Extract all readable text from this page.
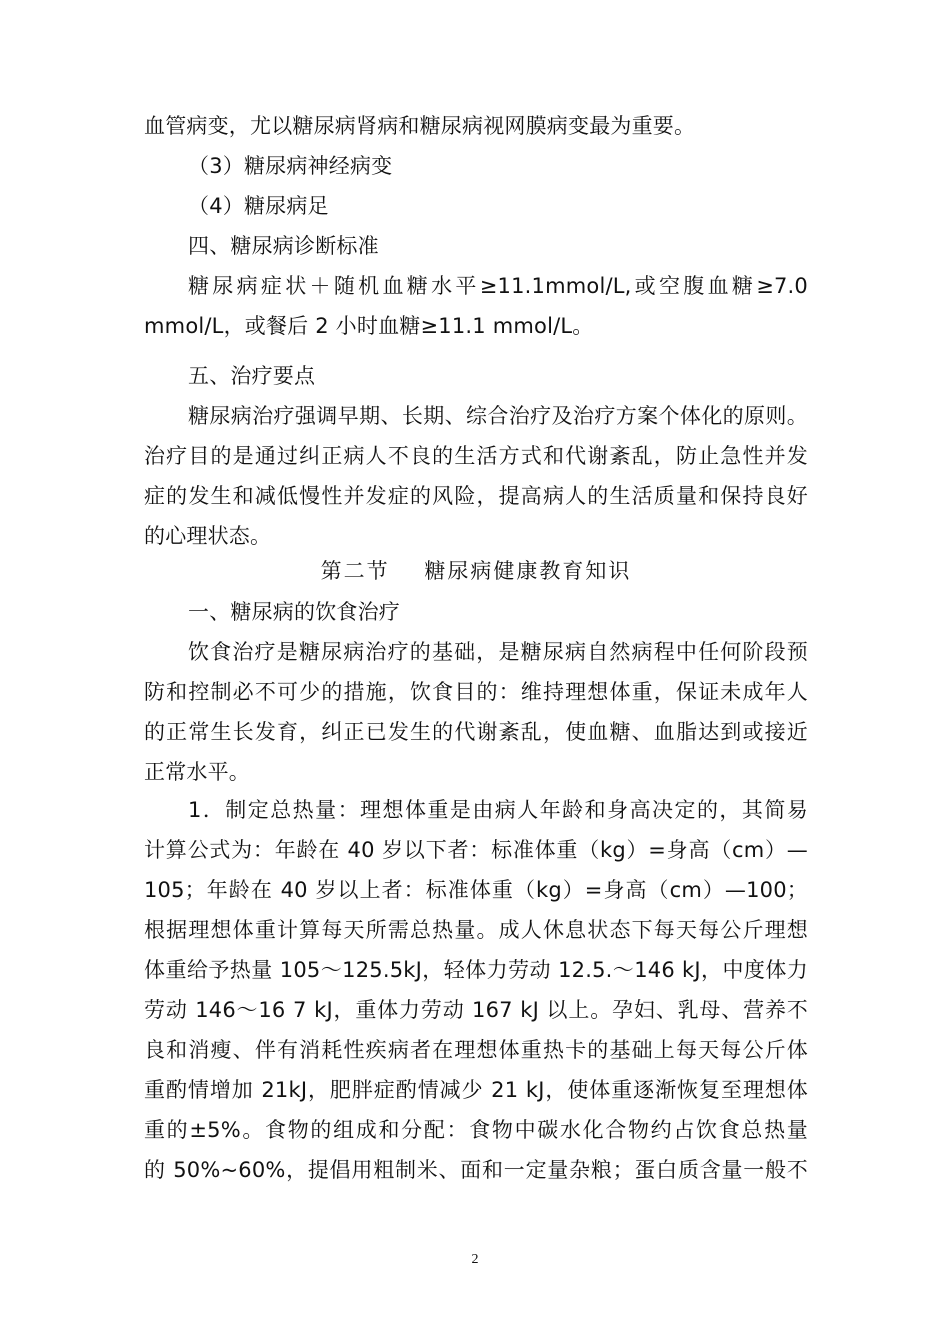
血管病变，尤以糖尿病肾病和糖尿病视网膜病变最为重要。
（3）糖尿病神经病变
（4）糖尿病足
四、糖尿病诊断标准
糖尿病症状＋随机血糖水平≥11.1mmol/L,或空腹血糖≥7.0
mmol/L，或餐后 2 小时血糖≥11.1 mmol/L。
五、治疗要点
糖尿病治疗强调早期、长期、综合治疗及治疗方案个体化的原则。
治疗目的是通过纠正病人不良的生活方式和代谢紊乱，防止急性并发
症的发生和减低慢性并发症的风险，提高病人的生活质量和保持良好
的心理状态。
第二节    糖尿病健康教育知识
一、糖尿病的饮食治疗
饮食治疗是糖尿病治疗的基础，是糖尿病自然病程中任何阶段预
防和控制必不可少的措施，饮食目的：维持理想体重，保证未成年人
的正常生长发育，纠正已发生的代谢紊乱，使血糖、血脂达到或接近
正常水平。
1．制定总热量：理想体重是由病人年龄和身高决定的，其简易
计算公式为：年龄在 40 岁以下者：标准体重（kg）=身高（cm）—
105；年龄在 40 岁以上者：标准体重（kg）=身高（cm）—100；
根据理想体重计算每天所需总热量。成人休息状态下每天每公斤理想
体重给予热量 105～125.5kJ，轻体力劳动 12.5.～146 kJ，中度体力
劳动 146～16 7 kJ，重体力劳动 167 kJ 以上。孕妇、乳母、营养不
良和消瘦、伴有消耗性疾病者在理想体重热卡的基础上每天每公斤体
重酌情增加 21kJ，肥胖症酌情减少 21 kJ，使体重逐渐恢复至理想体
重的±5%。食物的组成和分配：食物中碳水化合物约占饮食总热量
的 50%~60%，提倡用粗制米、面和一定量杂粮；蛋白质含量一般不
2
